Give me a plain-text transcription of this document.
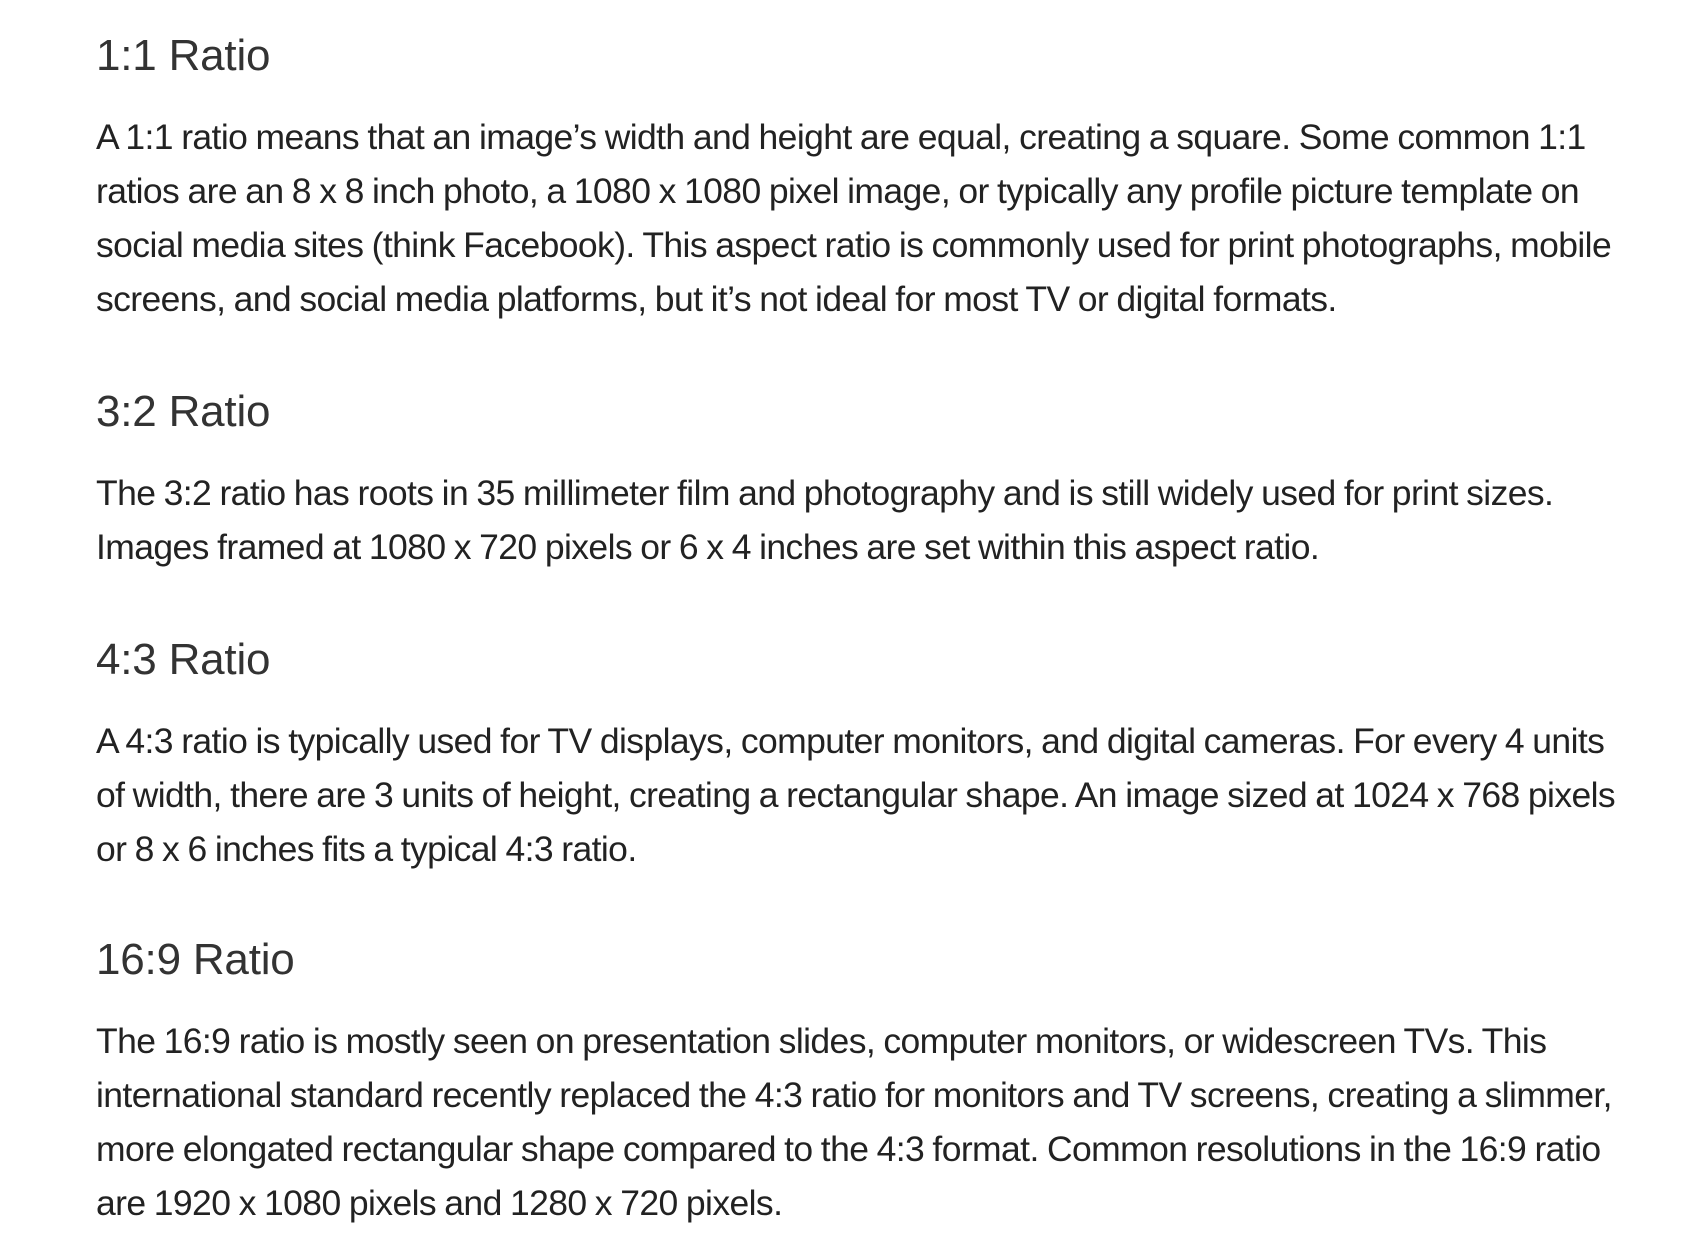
1:1 Ratio

A 1:1 ratio means that an image’s width and height are equal, creating a square. Some common 1:1 ratios are an 8 x 8 inch photo, a 1080 x 1080 pixel image, or typically any profile picture template on social media sites (think Facebook). This aspect ratio is commonly used for print photographs, mobile screens, and social media platforms, but it’s not ideal for most TV or digital formats.

3:2 Ratio

The 3:2 ratio has roots in 35 millimeter film and photography and is still widely used for print sizes. Images framed at 1080 x 720 pixels or 6 x 4 inches are set within this aspect ratio.

4:3 Ratio

A 4:3 ratio is typically used for TV displays, computer monitors, and digital cameras. For every 4 units of width, there are 3 units of height, creating a rectangular shape. An image sized at 1024 x 768 pixels or 8 x 6 inches fits a typical 4:3 ratio.

16:9 Ratio

The 16:9 ratio is mostly seen on presentation slides, computer monitors, or widescreen TVs. This international standard recently replaced the 4:3 ratio for monitors and TV screens, creating a slimmer, more elongated rectangular shape compared to the 4:3 format. Common resolutions in the 16:9 ratio are 1920 x 1080 pixels and 1280 x 720 pixels.
